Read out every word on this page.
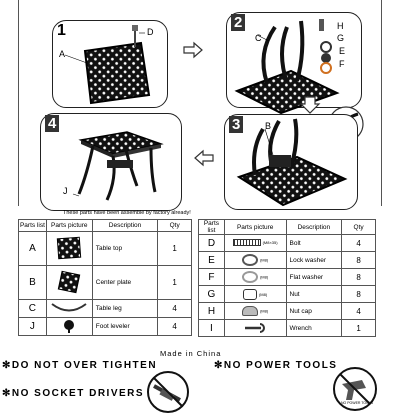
1
A
D
2
C
H
G
E
F
3	B
4
J
These parts have been assemble by factory already!
Parts list	Parts picture	Description	Qty
A		Table top	1
B		Center plate	1
C		Table leg	4
J		Foot leveler	4
Parts list	Parts picture	Description	Qty
D	(M8×35)	Bolt	4
E	(M8)	Lock washer	8
F	(M8)	Flat washer	8
G	(M8)	Nut	8
H	(M8)	Nut cap	4
I		Wrench	1
Made in China
✻DO NOT OVER TIGHTEN	✻NO POWER TOOLS
✻NO SOCKET DRIVERS
NO POWER TOOLS
